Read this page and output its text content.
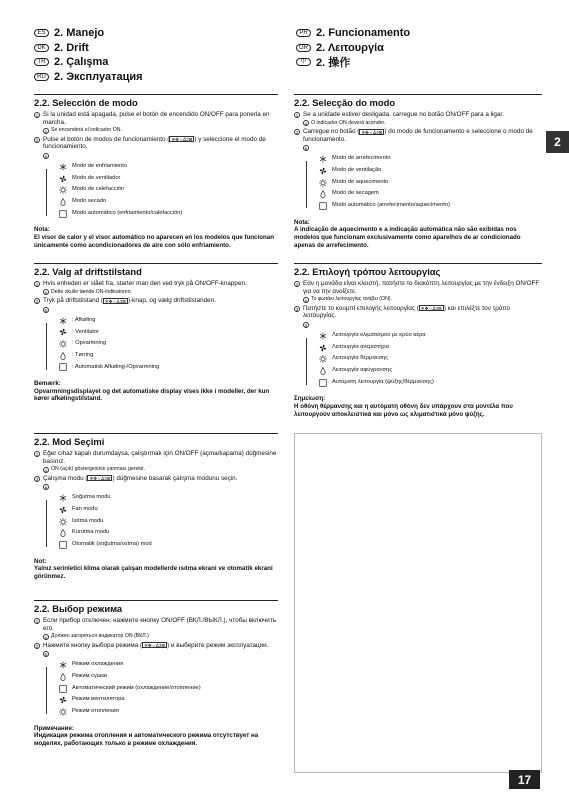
ES 2. Manejo
DK 2. Drift
TR 2. Çalışma
RU 2. Эксплуатация
PR 2. Funcionamento
GR 2. Λειτουργία
中 2. 操作
2
2.2. Selección de modo
1 Si la unidad está apagada, pulse el botón de encendido ON/OFF para ponerla en marcha.
A Se encenderá el indicador ON.
2 Pulse el botón de modos de funcionamiento ( ❄✤☼ᐃ3⊠ ) y seleccione el modo de funcionamiento.
B
Modo de enfriamiento
Modo de ventilador
Modo de calefacción
Modo secado
Modo automático (enfriamiento/calefacción)
Nota:
El visor de calor y el visor automático no aparecen en los modelos que funcionan únicamente como acondicionadores de aire con sólo enfriamiento.
2.2. Selecção do modo
1 Se a unidade estiver desligada, carregue no botão ON/OFF para a ligar.
A O indicador ON deverá acender.
2 Carregue no botão ( ❄✤☼ᐃ3⊠ ) do modo de funcionamento e seleccione o modo de funcionamento.
B
Modo de arrefecimento
Modo de ventilação
Modo de aquecimento
Modo de secagem
Modo automático (arrefecimento/aquecimento)
Nota:
A indicação de aquecimento e a indicação automática não são exibidas nos modelos que funcionam exclusivamente como aparelhos de ar condicionado apenas de arrefecimento.
2.2. Valg af driftstilstand
1 Hvis enheden er slået fra, starter man den ved tryk på ON/OFF-knappen.
A Dette skulle tænde ON-indikatoren.
2 Tryk på driftstilstand ( ❄✤☼ᐃ3⊠ )-knap, og vælg driftstilstanden.
B
: Afkøling
: Ventilator
: Opvarmning
: Tørring
: Automatisk Afkøling-/Opvarmning
Bemærk:
Opvarmningsdisplayet og det automatiske display vises ikke i modeller, der kun kører afkølingstilstand.
2.2. Επιλογή τρόπου λειτουργίας
1 Εάν η μονάδα είναι κλειστή, πατήστε το διακόπτη λειτουργίας με την ένδειξη ON/OFF για να την ανοίξετε.
A Το φωτάκι λειτουργίας ανάβει (ON).
2 Πατήστε το κουμπί επιλογής λειτουργίας ( ❄✤☼ᐃ3⊠ ) και επιλέξτε τον τρόπο λειτουργίας.
B
Λειτουργία κλιματισμού με κρύο αέρα
Λειτουργία ανεμιστήρα
Λειτουργία θέρμανσης
Λειτουργία αφύγρανσης
Αυτόματη λειτουργία (ψύξης/θέρμανσης)
Σημείωση:
Η οθόνη θέρμανσης και η αυτόματη οθόνη δεν υπάρχουν στα μοντέλα που λειτουργούν αποκλειστικά και μόνο ως κλιματιστικά μόνο ψύξης.
2.2. Mod Seçimi
1 Eğer cihaz kapalı durumdaysa, çalıştırmak için ON/OFF (açma/kapama) düğmesine basınız.
A ON (açık) göstergesinin yanması gerekir.
2 Çalışma modu ( ❄✤☼ᐃ3⊠ ) düğmesine basarak çalışma modunu seçin.
B
Soğutma modu
Fan modu
Isıtma modu
Kurutma modu
Otomatik (soğutma/ısıtma) mod
Not:
Yalnız serinletici klima olarak çalışan modellerde ısıtma ekrani ve otomatik ekrani görünmez.
2.2. Выбор режима
1 Если прибор отключен, нажмите кнопку ON/OFF (ВКЛ./ВЫКЛ.), чтобы включить его.
A Должен загореться индикатор ON (ВКЛ.)
2 Нажмите кнопку выбора режима ( ❄✤☼ᐃ3⊠ ) и выберите режим эксплуатации.
B
Режим охлаждения
Режим сушки
Автоматический режим (охлаждение/отопление)
Режим вентилятора
Режим отопления
Примечание:
Индикация режима отопления и автоматического режима отсутствует на моделях, работающих только в режиме охлаждения.
17
